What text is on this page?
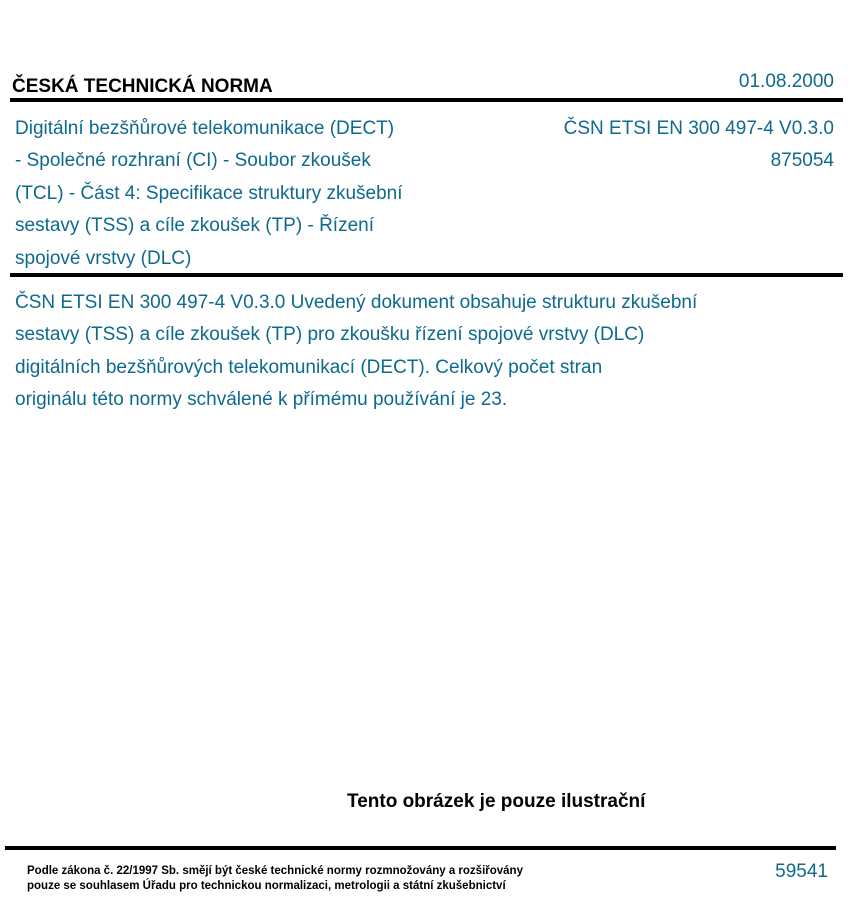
ČESKÁ TECHNICKÁ NORMA	01.08.2000
Digitální bezšňůrové telekomunikace (DECT)
- Společné rozhraní (CI) - Soubor zkoušek
(TCL) - Část 4: Specifikace struktury zkušební
sestavy (TSS) a cíle zkoušek (TP) - Řízení
spojové vrstvy (DLC)
ČSN ETSI EN 300 497-4 V0.3.0
875054
ČSN ETSI EN 300 497-4 V0.3.0 Uvedený dokument obsahuje strukturu zkušební
sestavy (TSS) a cíle zkoušek (TP) pro zkoušku řízení spojové vrstvy (DLC)
digitálních bezšňůrových telekomunikací (DECT). Celkový počet stran
originálu této normy schválené k přímému používání je 23.
Tento obrázek je pouze ilustrační
Podle zákona č. 22/1997 Sb. smějí být české technické normy rozmnožovány a rozšiřovány
pouze se souhlasem Úřadu pro technickou normalizaci, metrologii a státní zkušebnictví
59541
